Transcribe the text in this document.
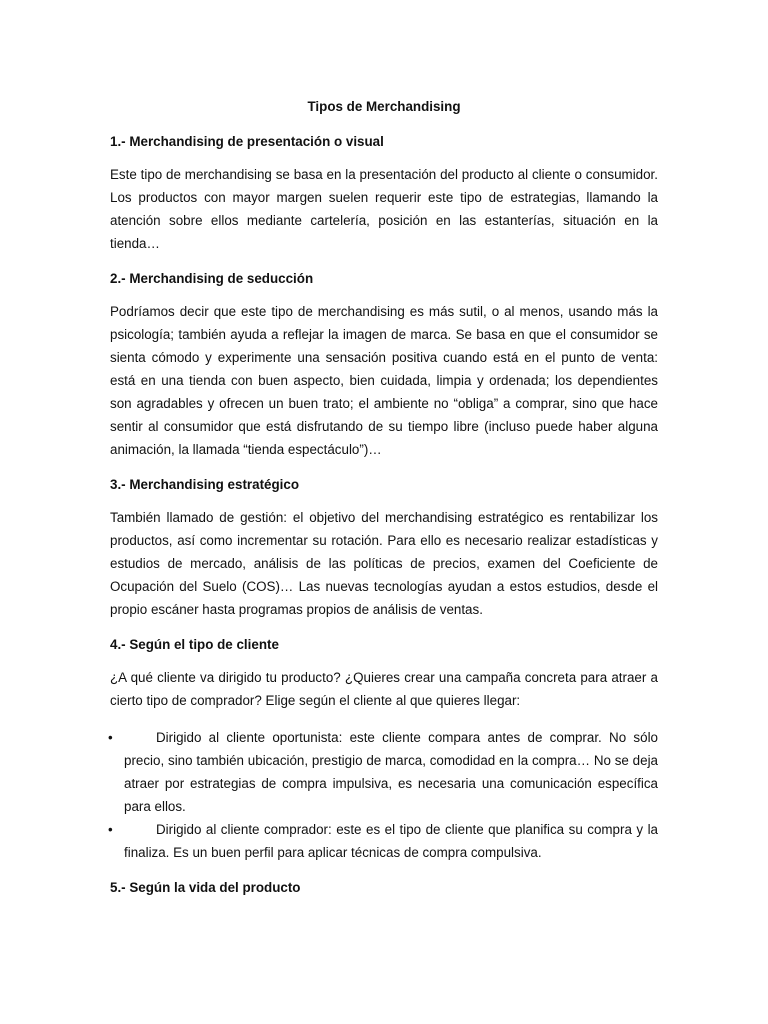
Tipos de Merchandising
1.- Merchandising de presentación o visual
Este tipo de merchandising se basa en la presentación del producto al cliente o consumidor. Los productos con mayor margen suelen requerir este tipo de estrategias, llamando la atención sobre ellos mediante cartelería, posición en las estanterías, situación en la tienda…
2.- Merchandising de seducción
Podríamos decir que este tipo de merchandising es más sutil, o al menos, usando más la psicología; también ayuda a reflejar la imagen de marca. Se basa en que el consumidor se sienta cómodo y experimente una sensación positiva cuando está en el punto de venta: está en una tienda con buen aspecto, bien cuidada, limpia y ordenada; los dependientes son agradables y ofrecen un buen trato; el ambiente no “obliga” a comprar, sino que hace sentir al consumidor que está disfrutando de su tiempo libre (incluso puede haber alguna animación, la llamada “tienda espectáculo”)…
3.- Merchandising estratégico
También llamado de gestión: el objetivo del merchandising estratégico es rentabilizar los productos, así como incrementar su rotación. Para ello es necesario realizar estadísticas y estudios de mercado, análisis de las políticas de precios, examen del Coeficiente de Ocupación del Suelo (COS)… Las nuevas tecnologías ayudan a estos estudios, desde el propio escáner hasta programas propios de análisis de ventas.
4.- Según el tipo de cliente
¿A qué cliente va dirigido tu producto? ¿Quieres crear una campaña concreta para atraer a cierto tipo de comprador? Elige según el cliente al que quieres llegar:
•	Dirigido al cliente oportunista: este cliente compara antes de comprar. No sólo precio, sino también ubicación, prestigio de marca, comodidad en la compra… No se deja atraer por estrategias de compra impulsiva, es necesaria una comunicación específica para ellos.
•	Dirigido al cliente comprador: este es el tipo de cliente que planifica su compra y la finaliza. Es un buen perfil para aplicar técnicas de compra compulsiva.
5.- Según la vida del producto
